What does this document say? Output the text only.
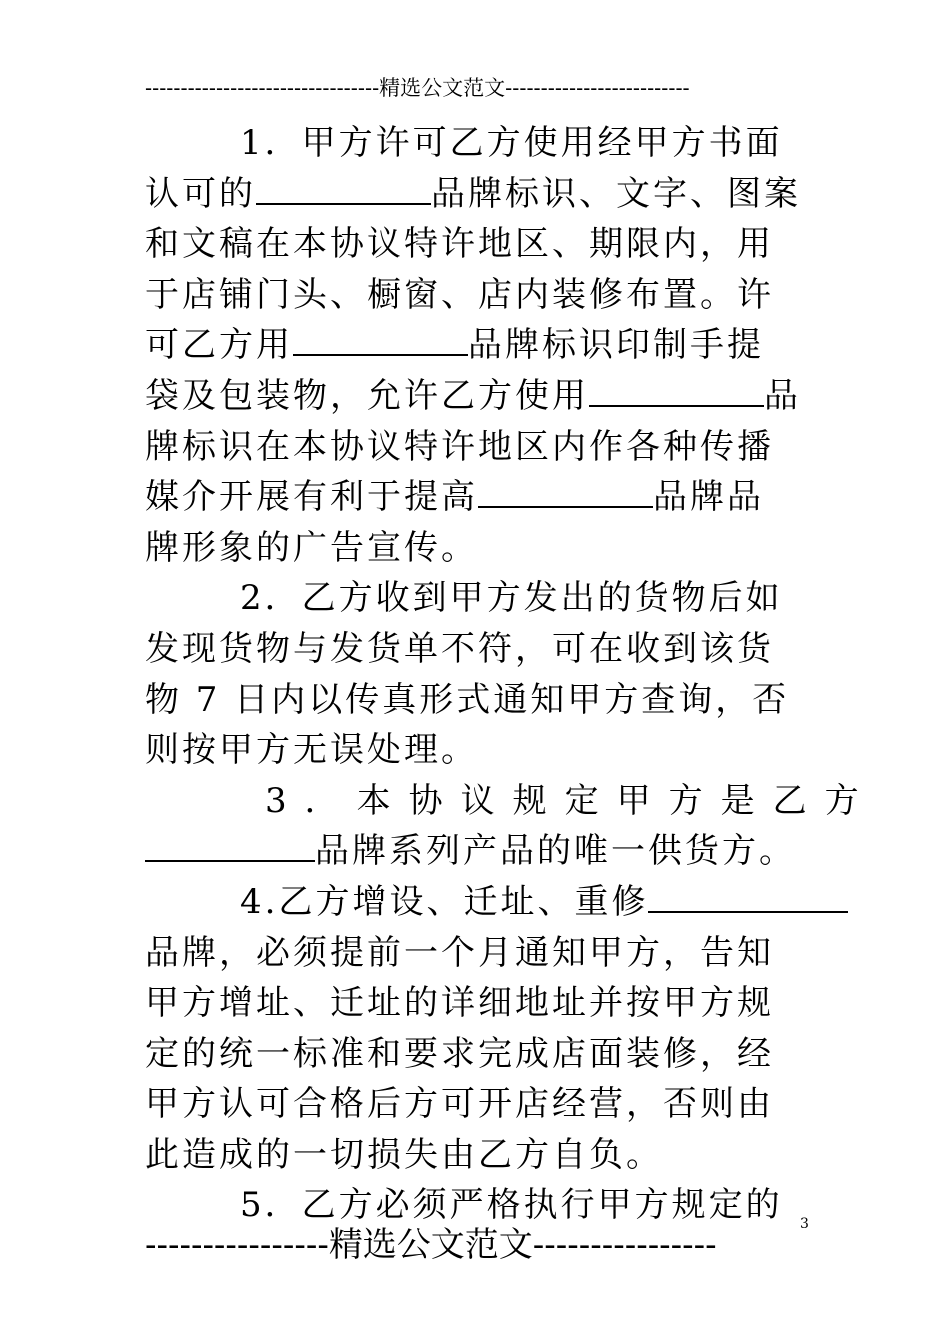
---------------------------------精选公文范文--------------------------
1．甲方许可乙方使用经甲方书面
认可的	品牌标识、文字、图案
和文稿在本协议特许地区、期限内，用
于店铺门头、橱窗、店内装修布置。许
可乙方用	品牌标识印制手提
袋及包装物，允许乙方使用	品
牌标识在本协议特许地区内作各种传播
媒介开展有利于提高	品牌品
牌形象的广告宣传。
2．乙方收到甲方发出的货物后如
发现货物与发货单不符，可在收到该货
物 7 日内以传真形式通知甲方查询，否
则按甲方无误处理。
3．本协议规定甲方是乙方
品牌系列产品的唯一供货方。
4.乙方增设、迁址、重修
品牌，必须提前一个月通知甲方，告知
甲方增址、迁址的详细地址并按甲方规
定的统一标准和要求完成店面装修，经
甲方认可合格后方可开店经营，否则由
此造成的一切损失由乙方自负。
5．乙方必须严格执行甲方规定的	3
----------------精选公文范文----------------
